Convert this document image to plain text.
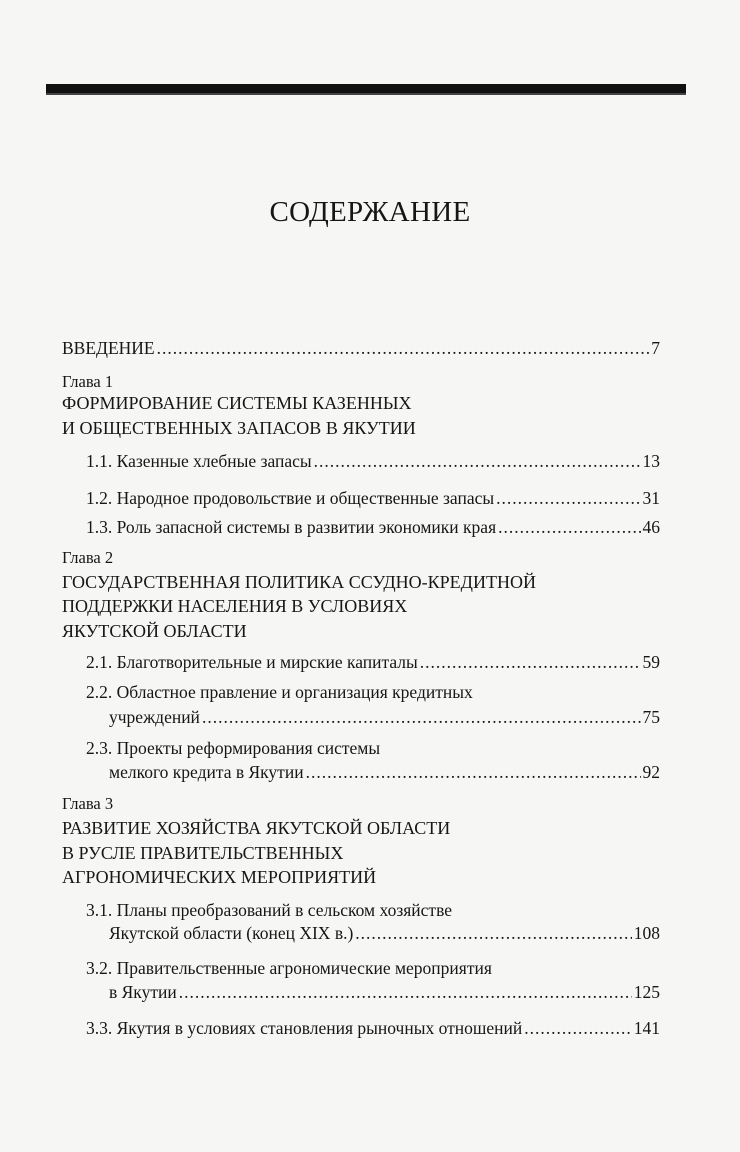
СОДЕРЖАНИЕ
ВВЕДЕНИЕ .....	7
Глава 1
ФОРМИРОВАНИЕ СИСТЕМЫ КАЗЕННЫХ
И ОБЩЕСТВЕННЫХ ЗАПАСОВ В ЯКУТИИ
1.1. Казенные хлебные запасы .....	13
1.2. Народное продовольствие и общественные запасы .....	31
1.3. Роль запасной системы в развитии экономики края .....	46
Глава 2
ГОСУДАРСТВЕННАЯ ПОЛИТИКА ССУДНО-КРЕДИТНОЙ
ПОДДЕРЖКИ НАСЕЛЕНИЯ В УСЛОВИЯХ
ЯКУТСКОЙ ОБЛАСТИ
2.1. Благотворительные и мирские капиталы .....	59
2.2. Областное правление и организация кредитных
учреждений .....	75
2.3. Проекты реформирования системы
мелкого кредита в Якутии .....	92
Глава 3
РАЗВИТИЕ ХОЗЯЙСТВА ЯКУТСКОЙ ОБЛАСТИ
В РУСЛЕ ПРАВИТЕЛЬСТВЕННЫХ
АГРОНОМИЧЕСКИХ МЕРОПРИЯТИЙ
3.1. Планы преобразований в сельском хозяйстве
Якутской области (конец XIX в.) .....	108
3.2. Правительственные агрономические мероприятия
в Якутии .....	125
3.3. Якутия в условиях становления рыночных отношений .....	141
